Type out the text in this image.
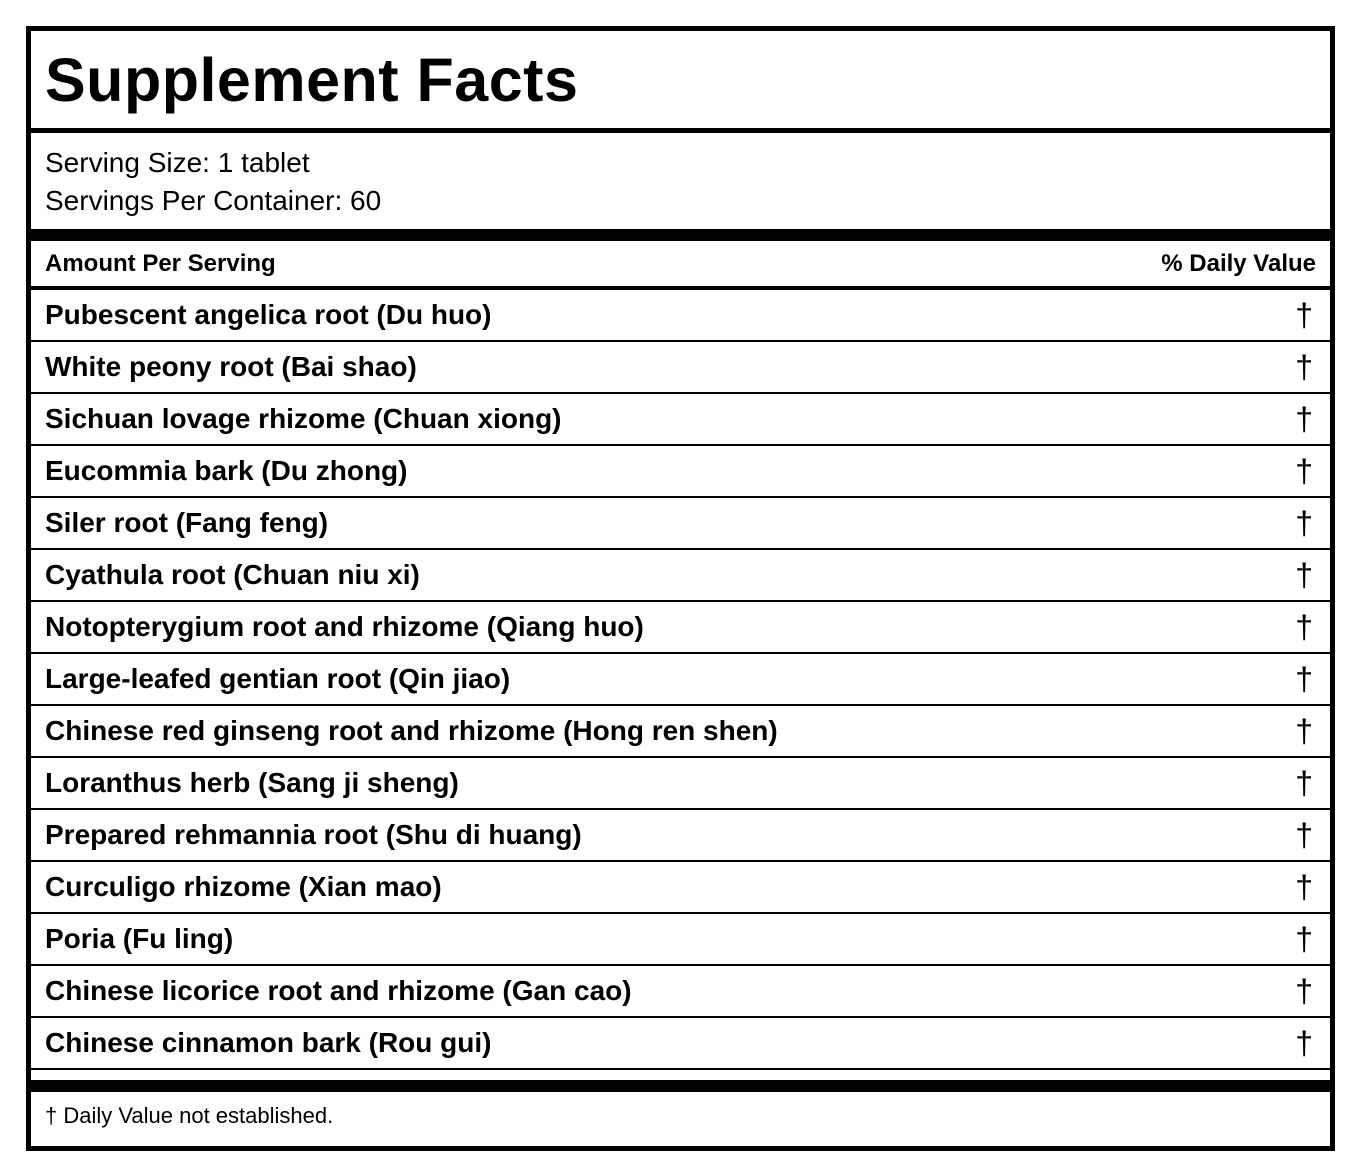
Supplement Facts
Serving Size: 1 tablet
Servings Per Container: 60
Amount Per Serving	% Daily Value
Pubescent angelica root (Du huo)	†
White peony root (Bai shao)	†
Sichuan lovage rhizome (Chuan xiong)	†
Eucommia bark (Du zhong)	†
Siler root (Fang feng)	†
Cyathula root (Chuan niu xi)	†
Notopterygium root and rhizome (Qiang huo)	†
Large-leafed gentian root (Qin jiao)	†
Chinese red ginseng root and rhizome (Hong ren shen)	†
Loranthus herb (Sang ji sheng)	†
Prepared rehmannia root (Shu di huang)	†
Curculigo rhizome (Xian mao)	†
Poria (Fu ling)	†
Chinese licorice root and rhizome (Gan cao)	†
Chinese cinnamon bark (Rou gui)	†
† Daily Value not established.
